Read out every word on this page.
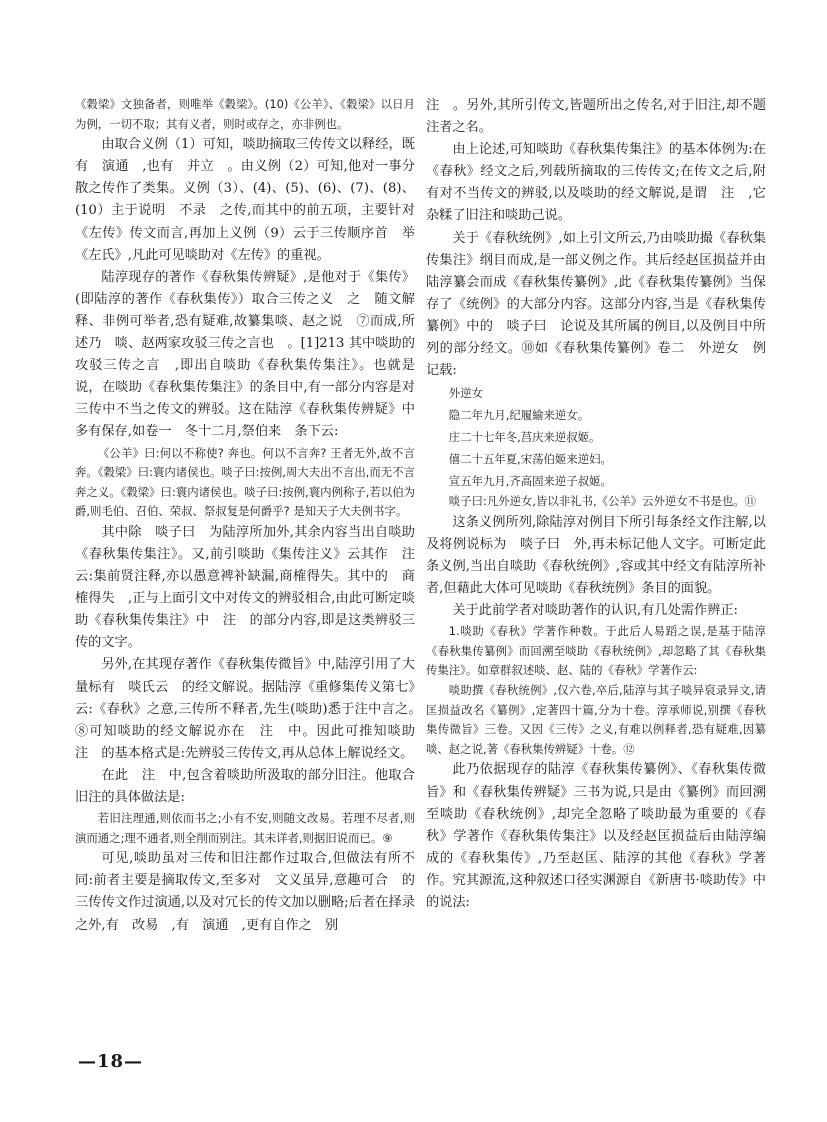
《穀梁》文独备者，则唯举《穀梁》。(10)《公羊》、《穀梁》以日月为例，一切不取；其有义者，则时或存之，亦非例也。

由取合义例（1）可知，啖助摘取三传传文以释经，既有　演通　,也有　并立　。由义例（2）可知,他对一事分散之传作了类集。义例（3）、(4)、(5)、(6)、(7)、(8)、(10）主于说明　不录　之传,而其中的前五项，主要针对《左传》传文而言,再加上义例（9）云于三传顺序首　举《左氏》,凡此可见啖助对《左传》的重视。

陆淳现存的著作《春秋集传辨疑》,是他对于《集传》(即陆淳的著作《春秋集传》）取合三传之义　之　随文解释、非例可举者,恐有疑难,故纂集啖、赵之说　⑦而成,所述乃　啖、赵两家攻驳三传之言也　。[1]213 其中啖助的　攻驳三传之言　,即出自啖助《春秋集传集注》。也就是说，在啖助《春秋集传集注》的条目中,有一部分内容是对三传中不当之传文的辨驳。这在陆淳《春秋集传辨疑》中多有保存,如卷一　冬十二月,祭伯来　条下云:

《公羊》曰:何以不称使? 奔也。何以不言奔? 王者无外,故不言奔。《穀梁》曰:寰内诸侯也。啖子曰:按例,周大夫出不言出,而无不言奔之义。《穀梁》曰:寰内诸侯也。啖子曰:按例,寰内例称子,若以伯为爵,则毛伯、召伯、荣叔、祭叔复是何爵乎? 是知天子大夫例书字。

其中除　啖子曰　为陆淳所加外,其余内容当出自啖助《春秋集传集注》。又,前引啖助《集传注义》云其作　注　云:集前贤注释,亦以愚意裨补缺漏,商榷得失。其中的　商榷得失　,正与上面引文中对传文的辨驳相合,由此可断定啖助《春秋集传集注》中　注　的部分内容,即是这类辨驳三传的文字。

另外,在其现存著作《春秋集传微旨》中,陆淳引用了大量标有　啖氏云　的经文解说。据陆淳《重修集传义第七》云:《春秋》之意,三传所不释者,先生(啖助)悉于注中言之。　⑧可知啖助的经文解说亦在　注　中。因此可推知啖助　注　的基本格式是:先辨驳三传传文,再从总体上解说经文。

在此　注　中,包含着啖助所汲取的部分旧注。他取合旧注的具体做法是:

若旧注理通,则依而书之;小有不安,则随文改易。若理不尽者,则演而通之;理不通者,则全削而别注。其未详者,则据旧说而已。⑨

可见,啖助虽对三传和旧注都作过取合,但做法有所不同:前者主要是摘取传文,至多对　文义虽异,意趣可合　的三传传文作过演通,以及对冗长的传文加以删略;后者在择录之外,有　改易　,有　演通　,更有自作之　别

注　。另外,其所引传文,皆题所出之传名,对于旧注,却不题注者之名。

由上论述,可知啖助《春秋集传集注》的基本体例为:在《春秋》经文之后,列载所摘取的三传传文;在传文之后,附有对不当传文的辨驳,以及啖助的经文解说,是谓　注　,它杂糅了旧注和啖助己说。

关于《春秋统例》,如上引文所云,乃由啖助撮《春秋集传集注》纲目而成,是一部义例之作。其后经赵匡损益并由陆淳纂会而成《春秋集传纂例》,此《春秋集传纂例》当保存了《统例》的大部分内容。这部分内容,当是《春秋集传纂例》中的　啖子曰　论说及其所属的例目,以及例目中所列的部分经文。⑩如《春秋集传纂例》卷二　外逆女　例记载:

外逆女

隐二年九月,纪履緰来逆女。

庄二十七年冬,莒庆来逆叔姬。

僖二十五年夏,宋荡伯姬来逆妇。

宣五年九月,齐高固来逆子叔姬。

啖子曰:凡外逆女,皆以非礼书,《公羊》云外逆女不书是也。⑪

这条义例所列,除陆淳对例目下所引每条经文作注解,以及将例说标为　啖子曰　外,再未标记他人文字。可断定此条义例,当出自啖助《春秋统例》,容或其中经文有陆淳所补者,但藉此大体可见啖助《春秋统例》条目的面貌。

关于此前学者对啖助著作的认识,有几处需作辨正:

1.啖助《春秋》学著作种数。于此后人易蹈之误,是基于陆淳《春秋集传纂例》而回溯至啖助《春秋统例》,却忽略了其《春秋集传集注》。如章群叙述啖、赵、陆的《春秋》学著作云:

啖助撰《春秋统例》,仅六卷,卒后,陆淳与其子啖异裒录异文,请匡损益改名《纂例》,定著四十篇,分为十卷。淳承师说,别撰《春秋集传微旨》三卷。又因《三传》之义,有难以例释者,恐有疑难,因纂啖、赵之说,著《春秋集传辨疑》十卷。⑫

此乃依据现存的陆淳《春秋集传纂例》、《春秋集传微旨》和《春秋集传辨疑》三书为说,只是由《纂例》而回溯至啖助《春秋统例》,却完全忽略了啖助最为重要的《春秋》学著作《春秋集传集注》以及经赵匡损益后由陆淳编成的《春秋集传》,乃至赵匡、陆淳的其他《春秋》学著作。究其源流,这种叙述口径实渊源自《新唐书·啖助传》中的说法:

—18—
